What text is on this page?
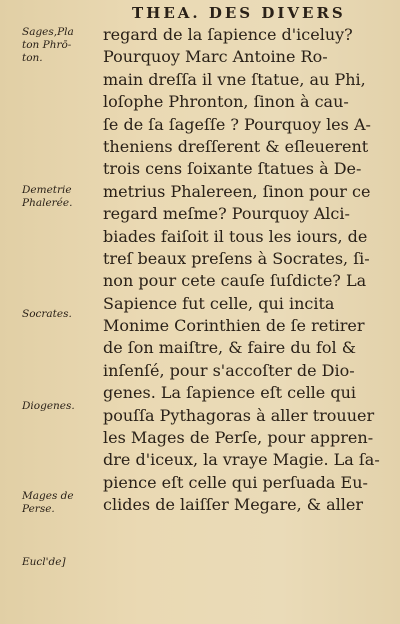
THEA. DES DIVERS
Sages,Pla
ton Phrō-
ton.
Demetrie
Phalerée.
Socrates.
Diogenes.
Mages de
Perse.
Eucl'de]
regard de la ſapience d'iceluy?
Pourquoy Marc Antoine Ro-
main dreſſa il vne ſtatue, au Phi,
loſophe Phronton, ſinon à cau-
ſe de ſa ſageſſe ? Pourquoy les A-
theniens dreſſerent & eſleuerent
trois cens ſoixante ſtatues à De-
metrius Phalereen, ſinon pour ce
regard meſme? Pourquoy Alci-
biades faiſoit il tous les iours, de
treſ beaux preſens à Socrates, ſi-
non pour cete cauſe ſuſdicte? La
Sapience fut celle, qui incita
Monime Corinthien de ſe retirer
de ſon maiſtre, & faire du fol &
inſenſé, pour s'accoſter de Dio-
genes. La ſapience eſt celle qui
pouſſa Pythagoras à aller trouuer
les Mages de Perſe, pour appren-
dre d'iceux, la vraye Magie. La ſa-
pience eſt celle qui perſuada Eu-
clides de laiſſer Megare, & aller
